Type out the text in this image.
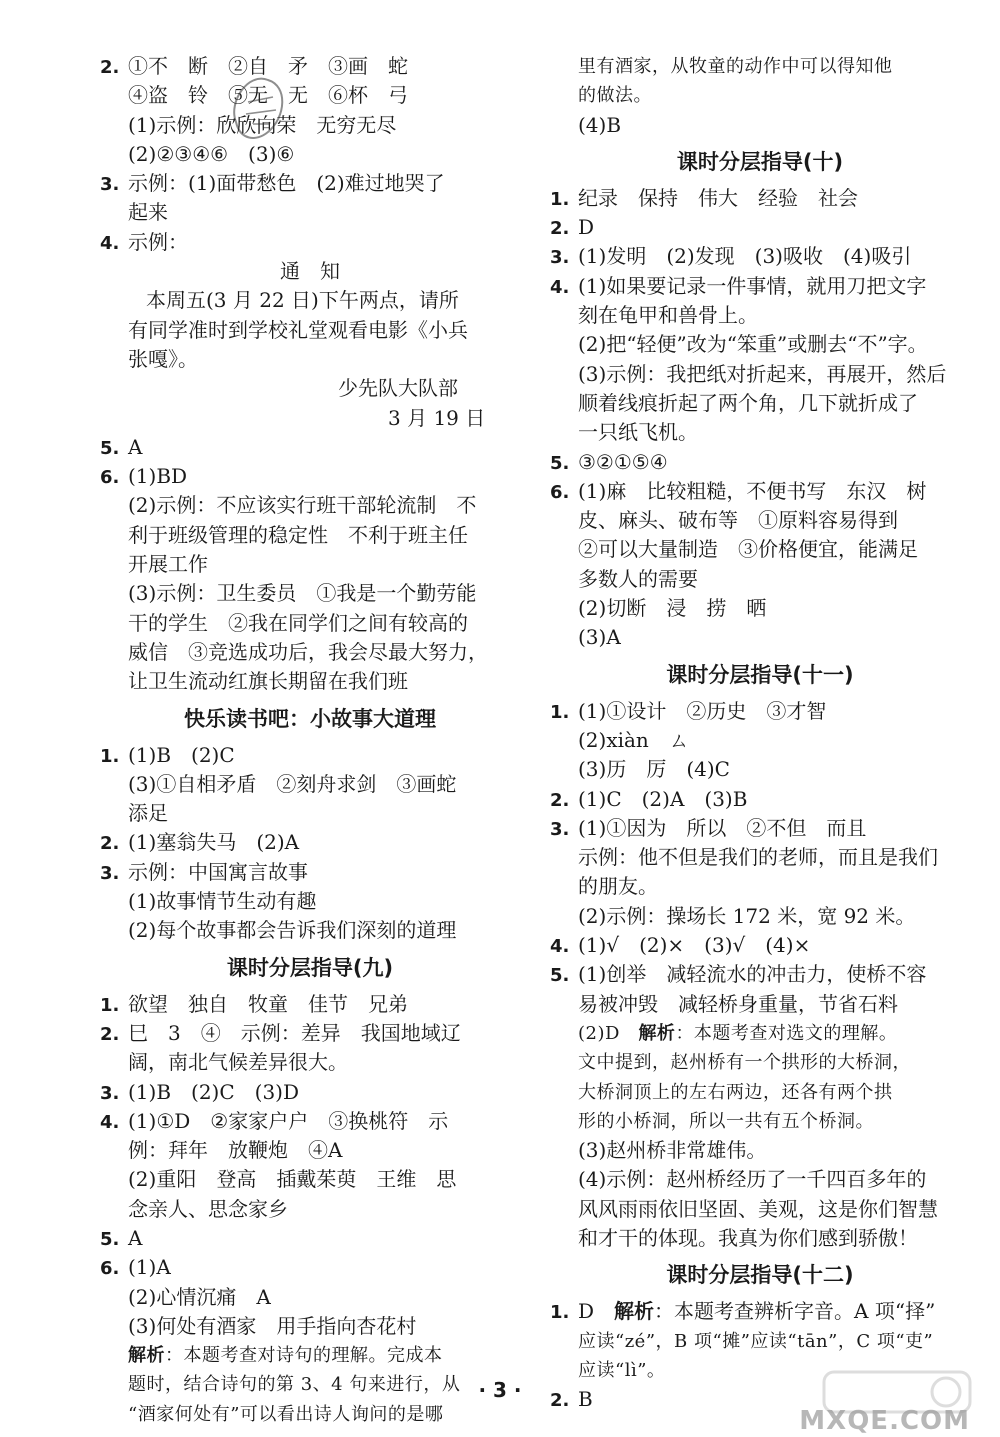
2. ①不　断　②自　矛　③画　蛇
④盗　铃　⑤无　无　⑥杯　弓
(1)示例：欣欣向荣　无穷无尽
(2)②③④⑥　(3)⑥
3. 示例：(1)面带愁色　(2)难过地哭了
起来
4. 示例：
通　知
本周五(3 月 22 日)下午两点，请所
有同学准时到学校礼堂观看电影《小兵
张嘎》。
少先队大队部
3 月 19 日
5. A
6. (1)BD
(2)示例：不应该实行班干部轮流制　不
利于班级管理的稳定性　不利于班主任
开展工作
(3)示例：卫生委员　①我是一个勤劳能
干的学生　②我在同学们之间有较高的
威信　③竞选成功后，我会尽最大努力，
让卫生流动红旗长期留在我们班
快乐读书吧：小故事大道理
1. (1)B　(2)C
(3)①自相矛盾　②刻舟求剑　③画蛇
添足
2. (1)塞翁失马　(2)A
3. 示例：中国寓言故事
(1)故事情节生动有趣
(2)每个故事都会告诉我们深刻的道理
课时分层指导(九)
1. 欲望　独自　牧童　佳节　兄弟
2. 巳　3　④　示例：差异　我国地域辽
阔，南北气候差异很大。
3. (1)B　(2)C　(3)D
4. (1)①D　②家家户户　③换桃符　示
例：拜年　放鞭炮　④A
(2)重阳　登高　插戴茱萸　王维　思
念亲人、思念家乡
5. A
6. (1)A
(2)心情沉痛　A
(3)何处有酒家　用手指向杏花村
解析：本题考查对诗句的理解。完成本
题时，结合诗句的第 3、4 句来进行，从
“酒家何处有”可以看出诗人询问的是哪
里有酒家，从牧童的动作中可以得知他
的做法。
(4)B
课时分层指导(十)
1. 纪录　保持　伟大　经验　社会
2. D
3. (1)发明　(2)发现　(3)吸收　(4)吸引
4. (1)如果要记录一件事情，就用刀把文字
刻在龟甲和兽骨上。
(2)把“轻便”改为“笨重”或删去“不”字。
(3)示例：我把纸对折起来，再展开，然后
顺着线痕折起了两个角，几下就折成了
一只纸飞机。
5. ③②①⑤④
6. (1)麻　比较粗糙，不便书写　东汉　树
皮、麻头、破布等　①原料容易得到
②可以大量制造　③价格便宜，能满足
多数人的需要
(2)切断　浸　捞　晒
(3)A
课时分层指导(十一)
1. (1)①设计　②历史　③才智
(2)xiàn　ㄙ
(3)历　厉　(4)C
2. (1)C　(2)A　(3)B
3. (1)①因为　所以　②不但　而且
示例：他不但是我们的老师，而且是我们
的朋友。
(2)示例：操场长 172 米，宽 92 米。
4. (1)√　(2)×　(3)√　(4)×
5. (1)创举　减轻流水的冲击力，使桥不容
易被冲毁　减轻桥身重量，节省石料
(2)D　解析：本题考查对选文的理解。
文中提到，赵州桥有一个拱形的大桥洞，
大桥洞顶上的左右两边，还各有两个拱
形的小桥洞，所以一共有五个桥洞。
(3)赵州桥非常雄伟。
(4)示例：赵州桥经历了一千四百多年的
风风雨雨依旧坚固、美观，这是你们智慧
和才干的体现。我真为你们感到骄傲！
课时分层指导(十二)
1. D　解析：本题考查辨析字音。A 项“择”
应读“zé”，B 项“摊”应读“tān”，C 项“吏”
应读“lì”。
2. B
· 3 ·
MXQE.COM
